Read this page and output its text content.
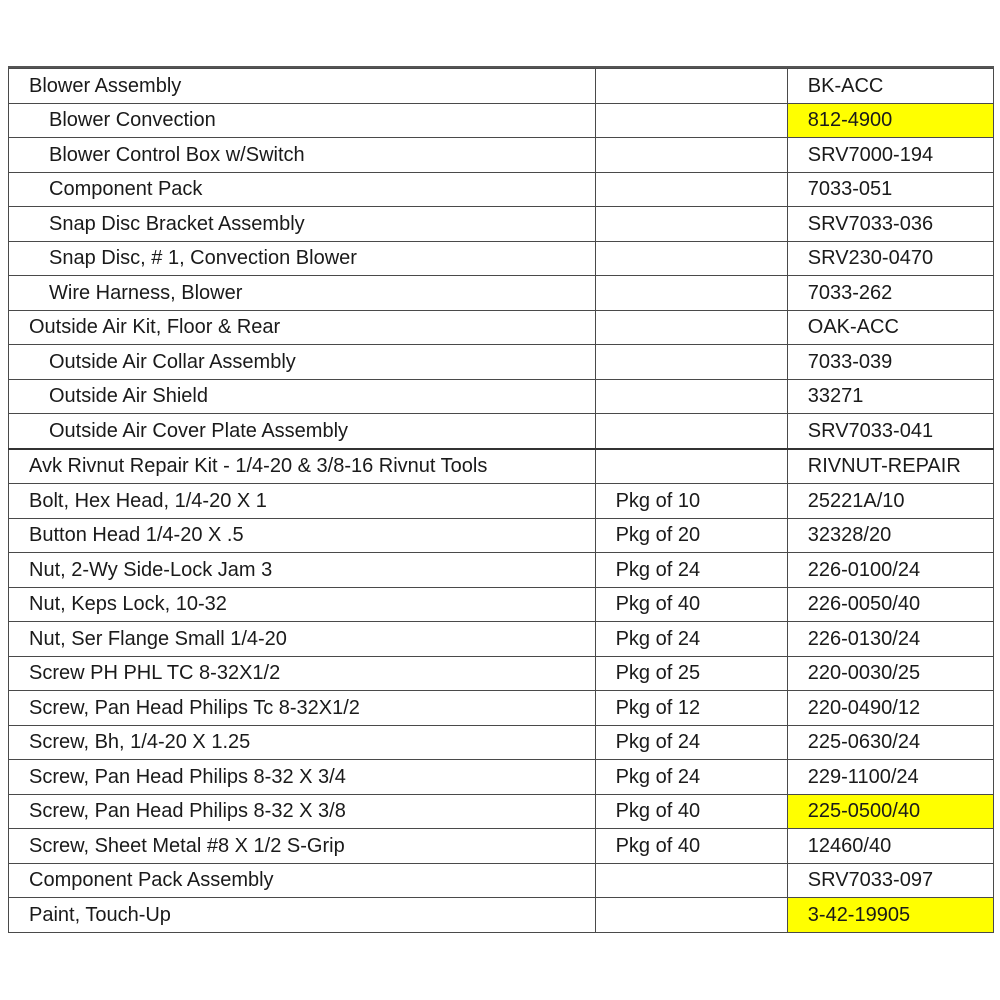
Blower Assembly		BK-ACC
Blower Convection		812-4900
Blower Control Box w/Switch		SRV7000-194
Component Pack		7033-051
Snap Disc Bracket Assembly		SRV7033-036
Snap Disc, # 1, Convection Blower		SRV230-0470
Wire Harness, Blower		7033-262
Outside Air Kit, Floor & Rear		OAK-ACC
Outside Air Collar Assembly		7033-039
Outside Air Shield		33271
Outside Air Cover Plate Assembly		SRV7033-041
Avk Rivnut Repair Kit - 1/4-20 & 3/8-16 Rivnut Tools		RIVNUT-REPAIR
Bolt, Hex Head, 1/4-20 X 1	Pkg of 10	25221A/10
Button Head 1/4-20 X .5	Pkg of 20	32328/20
Nut, 2-Wy Side-Lock Jam 3	Pkg of 24	226-0100/24
Nut, Keps Lock, 10-32	Pkg of 40	226-0050/40
Nut, Ser Flange Small 1/4-20	Pkg of 24	226-0130/24
Screw PH PHL TC 8-32X1/2	Pkg of 25	220-0030/25
Screw, Pan Head Philips Tc 8-32X1/2	Pkg of 12	220-0490/12
Screw, Bh, 1/4-20 X 1.25	Pkg of 24	225-0630/24
Screw, Pan Head Philips 8-32 X 3/4	Pkg of 24	229-1100/24
Screw, Pan Head Philips 8-32 X 3/8	Pkg of 40	225-0500/40
Screw, Sheet Metal #8 X 1/2 S-Grip	Pkg of 40	12460/40
Component Pack Assembly		SRV7033-097
Paint, Touch-Up		3-42-19905
